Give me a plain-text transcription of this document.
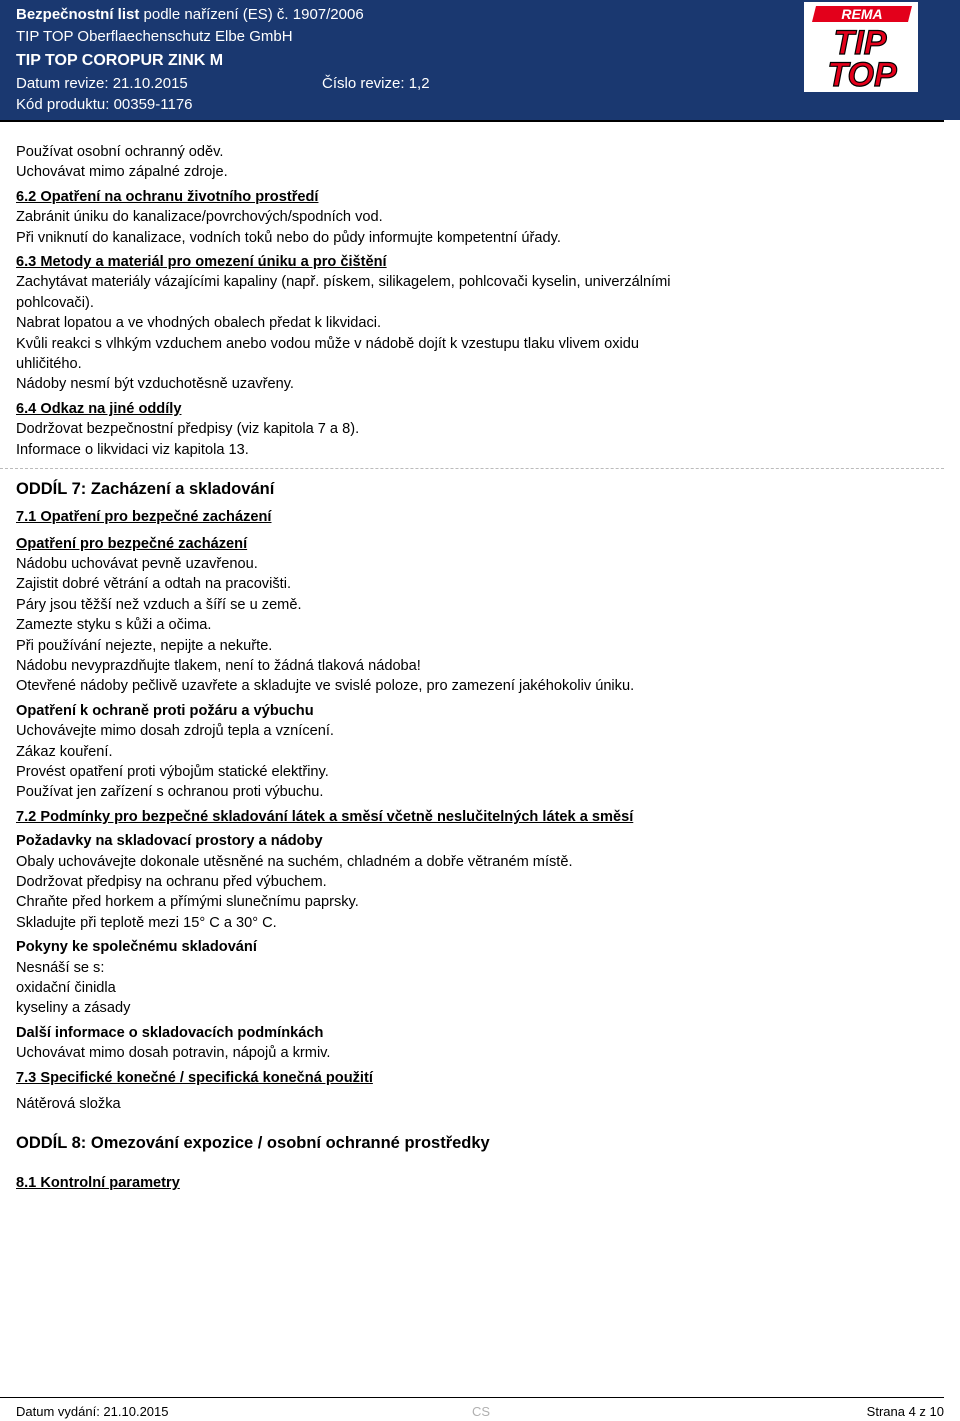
Bezpečnostní list podle nařízení (ES) č. 1907/2006
TIP TOP Oberflaechenschutz Elbe GmbH
TIP TOP COROPUR ZINK M
Datum revize: 21.10.2015	Číslo revize: 1,2
Kód produktu: 00359-1176
REMA
TIP
TOP
Používat osobní ochranný oděv.
Uchovávat mimo zápalné zdroje.
6.2 Opatření na ochranu životního prostředí
Zabránit úniku do kanalizace/povrchových/spodních vod.
Při vniknutí do kanalizace, vodních toků nebo do půdy informujte kompetentní úřady.
6.3 Metody a materiál pro omezení úniku a pro čištění
Zachytávat materiály vázajícími kapaliny (např. pískem, silikagelem, pohlcovači kyselin, univerzálními
pohlcovači).
Nabrat lopatou a ve vhodných obalech předat k likvidaci.
Kvůli reakci s vlhkým vzduchem anebo vodou může v nádobě dojít k vzestupu tlaku vlivem oxidu
uhličitého.
Nádoby nesmí být vzduchotěsně uzavřeny.
6.4 Odkaz na jiné oddíly
Dodržovat bezpečnostní předpisy (viz kapitola 7 a 8).
Informace o likvidaci viz kapitola 13.
ODDÍL 7: Zacházení a skladování
7.1 Opatření pro bezpečné zacházení
Opatření pro bezpečné zacházení
Nádobu uchovávat pevně uzavřenou.
Zajistit dobré větrání a odtah na pracovišti.
Páry jsou těžší než vzduch a šíří se u země.
Zamezte styku s kůži a očima.
Při používání nejezte, nepijte a nekuřte.
Nádobu nevyprazdňujte tlakem, není to žádná tlaková nádoba!
Otevřené nádoby pečlivě uzavřete a skladujte ve svislé poloze, pro zamezení jakéhokoliv úniku.
Opatření k ochraně proti požáru a výbuchu
Uchovávejte mimo dosah zdrojů tepla a vznícení.
Zákaz kouření.
Provést opatření proti výbojům statické elektřiny.
Používat jen zařízení s ochranou proti výbuchu.
7.2 Podmínky pro bezpečné skladování látek a směsí včetně neslučitelných látek a směsí
Požadavky na skladovací prostory a nádoby
Obaly uchovávejte dokonale utěsněné na suchém, chladném a dobře větraném místě.
Dodržovat předpisy na ochranu před výbuchem.
Chraňte před horkem a přímými slunečnímu paprsky.
Skladujte při teplotě mezi 15° C a 30° C.
Pokyny ke společnému skladování
Nesnáší se s:
oxidační činidla
kyseliny a zásady
Další informace o skladovacích podmínkách
Uchovávat mimo dosah potravin, nápojů a krmiv.
7.3 Specifické konečné / specifická konečná použití
Nátěrová složka
ODDÍL 8: Omezování expozice / osobní ochranné prostředky
8.1 Kontrolní parametry
Datum vydání: 21.10.2015	CS	Strana 4 z 10
